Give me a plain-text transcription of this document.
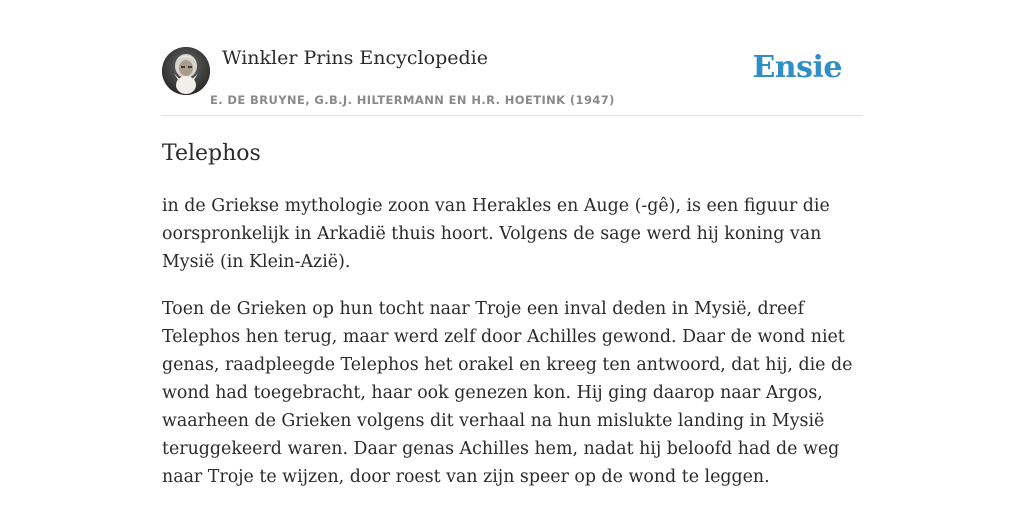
Winkler Prins Encyclopedie
E. DE BRUYNE, G.B.J. HILTERMANN EN H.R. HOETINK (1947)
Ensie
Telephos

in de Griekse mythologie zoon van Herakles en Auge (-gê), is een figuur die oorspronkelijk in Arkadië thuis hoort. Volgens de sage werd hij koning van Mysië (in Klein-Azië).

Toen de Grieken op hun tocht naar Troje een inval deden in Mysië, dreef Telephos hen terug, maar werd zelf door Achilles gewond. Daar de wond niet genas, raadpleegde Telephos het orakel en kreeg ten antwoord, dat hij, die de wond had toegebracht, haar ook genezen kon. Hij ging daarop naar Argos, waarheen de Grieken volgens dit verhaal na hun mislukte landing in Mysië teruggekeerd waren. Daar genas Achilles hem, nadat hij beloofd had de weg naar Troje te wijzen, door roest van zijn speer op de wond te leggen.
